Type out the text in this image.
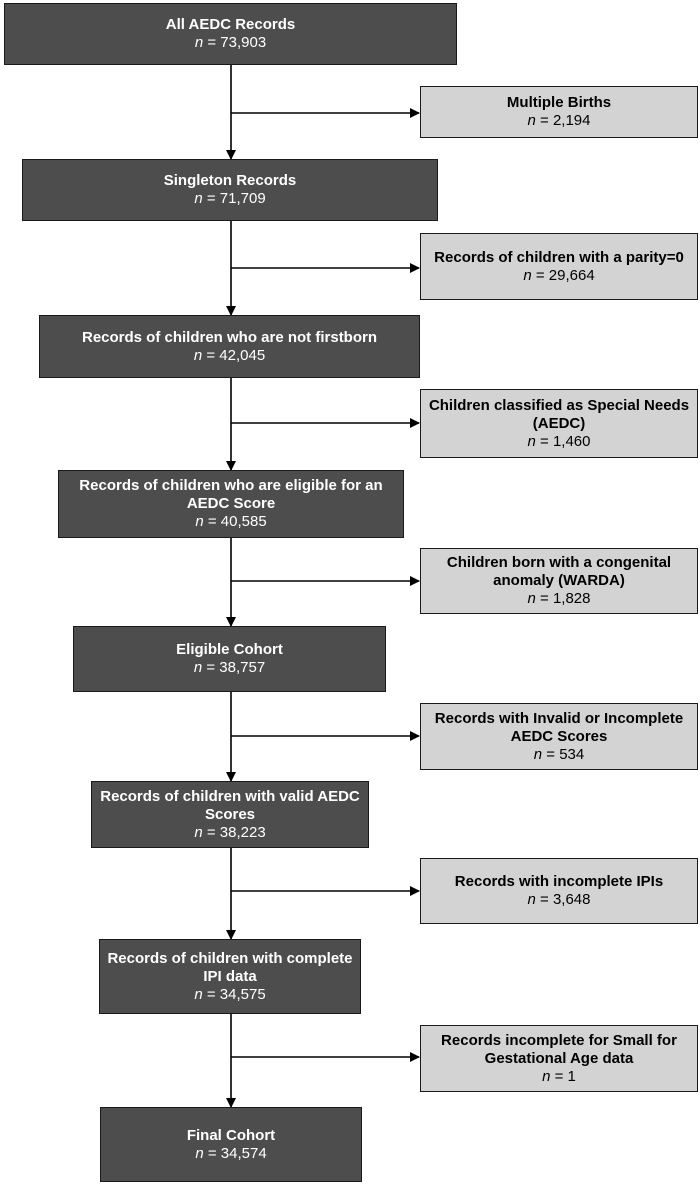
All AEDC Records
n = 73,903
Singleton Records
n = 71,709
Records of children who are not firstborn
n = 42,045
Records of children who are eligible for an AEDC Score
n = 40,585
Eligible Cohort
n = 38,757
Records of children with valid AEDC Scores
n = 38,223
Records of children with complete IPI data
n = 34,575
Final Cohort
n = 34,574
Multiple Births
n = 2,194
Records of children with a parity=0
n = 29,664
Children classified as Special Needs (AEDC)
n = 1,460
Children born with a congenital anomaly (WARDA)
n = 1,828
Records with Invalid or Incomplete AEDC Scores
n = 534
Records with incomplete IPIs
n = 3,648
Records incomplete for Small for Gestational Age data
n = 1
